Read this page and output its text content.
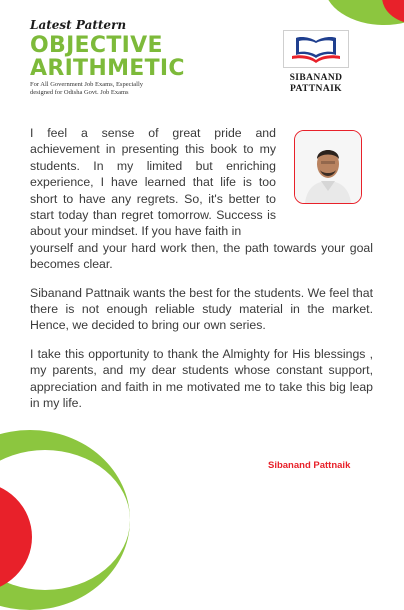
Latest Pattern
OBJECTIVE
ARITHMETIC
For All Government Job Exams, Especially designed for Odisha Govt. Job Exams
SIBANAND
PATTNAIK

I feel a sense of great pride and achievement in presenting this book to my students. In my limited but enriching experience, I have learned that life is too short to have any regrets. So, it's better to start today than regret tomorrow. Success is about your mindset. If you have faith in

yourself and your hard work then, the path towards your goal becomes clear.

Sibanand Pattnaik wants the best for the students. We feel that there is not enough reliable study material in the market. Hence, we decided to bring our own series.

I take this opportunity to thank the Almighty for His blessings , my parents, and my dear students whose constant support, appreciation and faith in me motivated me to take this big leap in my life.

Sibanand Pattnaik
